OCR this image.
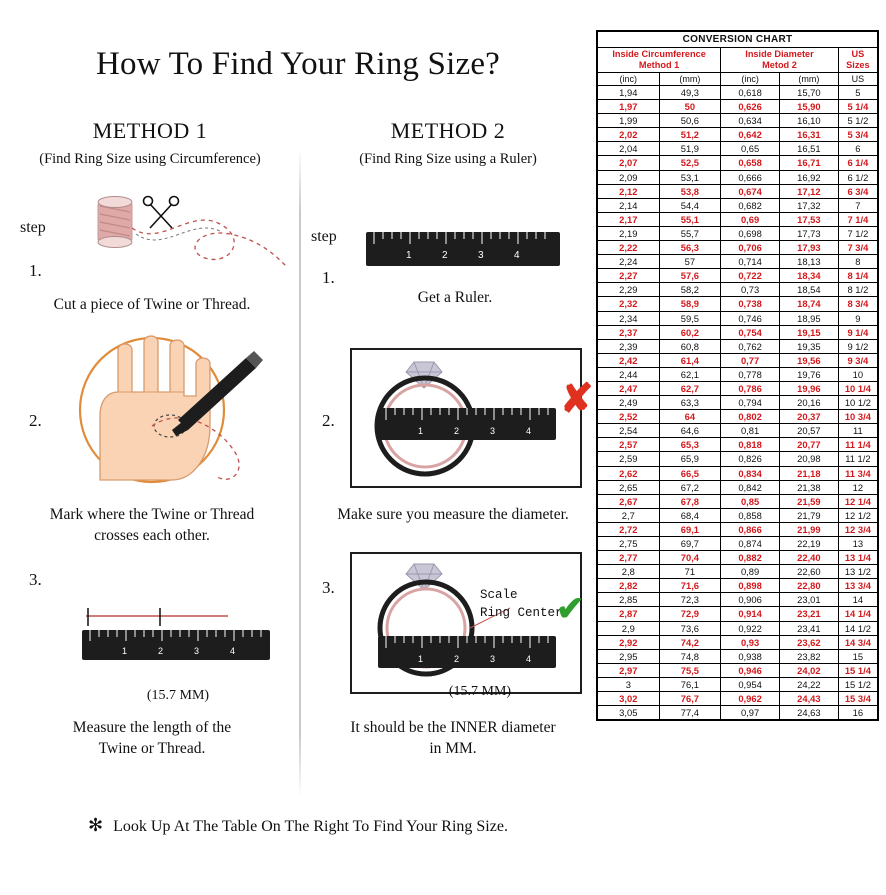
How To Find Your Ring Size?
METHOD 1
(Find Ring Size using Circumference)
step
1.
Cut a piece of Twine or Thread.
2.
Mark where the Twine or Thread
crosses each other.
3.
1	2	3	4
(15.7 MM)
Measure the length of the
Twine or Thread.
METHOD 2
(Find Ring Size using a Ruler)
step
1.
1	2	3	4
Get a Ruler.
2.
1	2	3	4
✘
Make sure you measure the diameter.
3.
1	2	3	4
Scale
Ring Center
✔
(15.7 MM)
It should be the INNER diameter
in MM.
✻ Look Up At The Table On The Right To Find Your Ring Size.
CONVERSION CHART				

Inside Circumference
Method 1

Inside Diameter
Metod 2
	US Sizes
(inc)	(mm)	(inc)	(mm)	US
1,94	49,3	0,618	15,70	5
1,97	50	0,626	15,90	5 1/4
1,99	50,6	0,634	16,10	5 1/2
2,02	51,2	0,642	16,31	5 3/4
2,04	51,9	0,65	16,51	6
2,07	52,5	0,658	16,71	6 1/4
2,09	53,1	0,666	16,92	6 1/2
2,12	53,8	0,674	17,12	6 3/4
2,14	54,4	0,682	17,32	7
2,17	55,1	0,69	17,53	7 1/4
2,19	55,7	0,698	17,73	7 1/2
2,22	56,3	0,706	17,93	7 3/4
2,24	57	0,714	18,13	8
2,27	57,6	0,722	18,34	8 1/4
2,29	58,2	0,73	18,54	8 1/2
2,32	58,9	0,738	18,74	8 3/4
2,34	59,5	0,746	18,95	9
2,37	60,2	0,754	19,15	9 1/4
2,39	60,8	0,762	19,35	9 1/2
2,42	61,4	0,77	19,56	9 3/4
2,44	62,1	0,778	19,76	10
2,47	62,7	0,786	19,96	10 1/4
2,49	63,3	0,794	20,16	10 1/2
2,52	64	0,802	20,37	10 3/4
2,54	64,6	0,81	20,57	11
2,57	65,3	0,818	20,77	11 1/4
2,59	65,9	0,826	20,98	11 1/2
2,62	66,5	0,834	21,18	11 3/4
2,65	67,2	0,842	21,38	12
2,67	67,8	0,85	21,59	12 1/4
2,7	68,4	0,858	21,79	12 1/2
2,72	69,1	0,866	21,99	12 3/4
2,75	69,7	0,874	22,19	13
2,77	70,4	0,882	22,40	13 1/4
2,8	71	0,89	22,60	13 1/2
2,82	71,6	0,898	22,80	13 3/4
2,85	72,3	0,906	23,01	14
2,87	72,9	0,914	23,21	14 1/4
2,9	73,6	0,922	23,41	14 1/2
2,92	74,2	0,93	23,62	14 3/4
2,95	74,8	0,938	23,82	15
2,97	75,5	0,946	24,02	15 1/4
3	76,1	0,954	24,22	15 1/2
3,02	76,7	0,962	24,43	15 3/4
3,05	77,4	0,97	24,63	16
